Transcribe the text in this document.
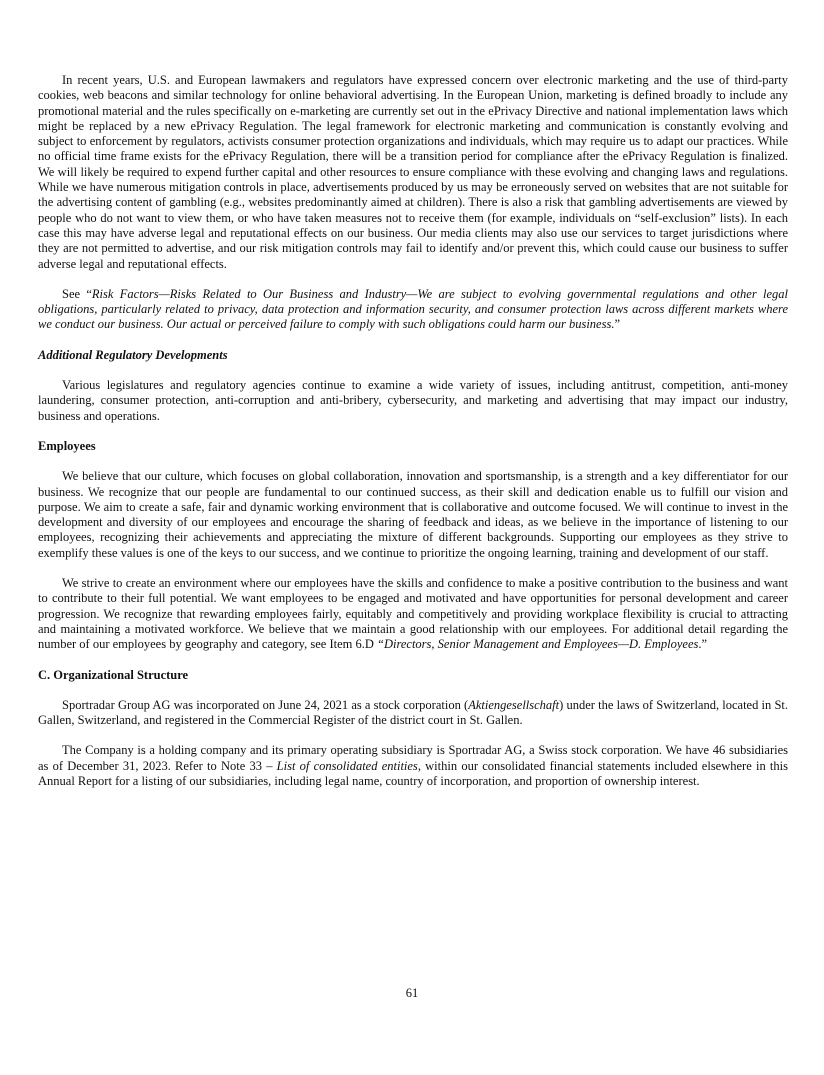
In recent years, U.S. and European lawmakers and regulators have expressed concern over electronic marketing and the use of third-party cookies, web beacons and similar technology for online behavioral advertising. In the European Union, marketing is defined broadly to include any promotional material and the rules specifically on e-marketing are currently set out in the ePrivacy Directive and national implementation laws which might be replaced by a new ePrivacy Regulation. The legal framework for electronic marketing and communication is constantly evolving and subject to enforcement by regulators, activists consumer protection organizations and individuals, which may require us to adapt our practices. While no official time frame exists for the ePrivacy Regulation, there will be a transition period for compliance after the ePrivacy Regulation is finalized. We will likely be required to expend further capital and other resources to ensure compliance with these evolving and changing laws and regulations. While we have numerous mitigation controls in place, advertisements produced by us may be erroneously served on websites that are not suitable for the advertising content of gambling (e.g., websites predominantly aimed at children). There is also a risk that gambling advertisements are viewed by people who do not want to view them, or who have taken measures not to receive them (for example, individuals on “self-exclusion” lists). In each case this may have adverse legal and reputational effects on our business. Our media clients may also use our services to target jurisdictions where they are not permitted to advertise, and our risk mitigation controls may fail to identify and/or prevent this, which could cause our business to suffer adverse legal and reputational effects.

See “Risk Factors—Risks Related to Our Business and Industry—We are subject to evolving governmental regulations and other legal obligations, particularly related to privacy, data protection and information security, and consumer protection laws across different markets where we conduct our business. Our actual or perceived failure to comply with such obligations could harm our business.”

Additional Regulatory Developments

Various legislatures and regulatory agencies continue to examine a wide variety of issues, including antitrust, competition, anti-money laundering, consumer protection, anti-corruption and anti-bribery, cybersecurity, and marketing and advertising that may impact our industry, business and operations.

Employees

We believe that our culture, which focuses on global collaboration, innovation and sportsmanship, is a strength and a key differentiator for our business. We recognize that our people are fundamental to our continued success, as their skill and dedication enable us to fulfill our vision and purpose. We aim to create a safe, fair and dynamic working environment that is collaborative and outcome focused. We will continue to invest in the development and diversity of our employees and encourage the sharing of feedback and ideas, as we believe in the importance of listening to our employees, recognizing their achievements and appreciating the mixture of different backgrounds. Supporting our employees as they strive to exemplify these values is one of the keys to our success, and we continue to prioritize the ongoing learning, training and development of our staff.

We strive to create an environment where our employees have the skills and confidence to make a positive contribution to the business and want to contribute to their full potential. We want employees to be engaged and motivated and have opportunities for personal development and career progression. We recognize that rewarding employees fairly, equitably and competitively and providing workplace flexibility is crucial to attracting and maintaining a motivated workforce. We believe that we maintain a good relationship with our employees. For additional detail regarding the number of our employees by geography and category, see Item 6.D “Directors, Senior Management and Employees—D. Employees.”

C. Organizational Structure

Sportradar Group AG was incorporated on June 24, 2021 as a stock corporation (Aktiengesellschaft) under the laws of Switzerland, located in St. Gallen, Switzerland, and registered in the Commercial Register of the district court in St. Gallen.

The Company is a holding company and its primary operating subsidiary is Sportradar AG, a Swiss stock corporation. We have 46 subsidiaries as of December 31, 2023. Refer to Note 33 – List of consolidated entities, within our consolidated financial statements included elsewhere in this Annual Report for a listing of our subsidiaries, including legal name, country of incorporation, and proportion of ownership interest.

61
